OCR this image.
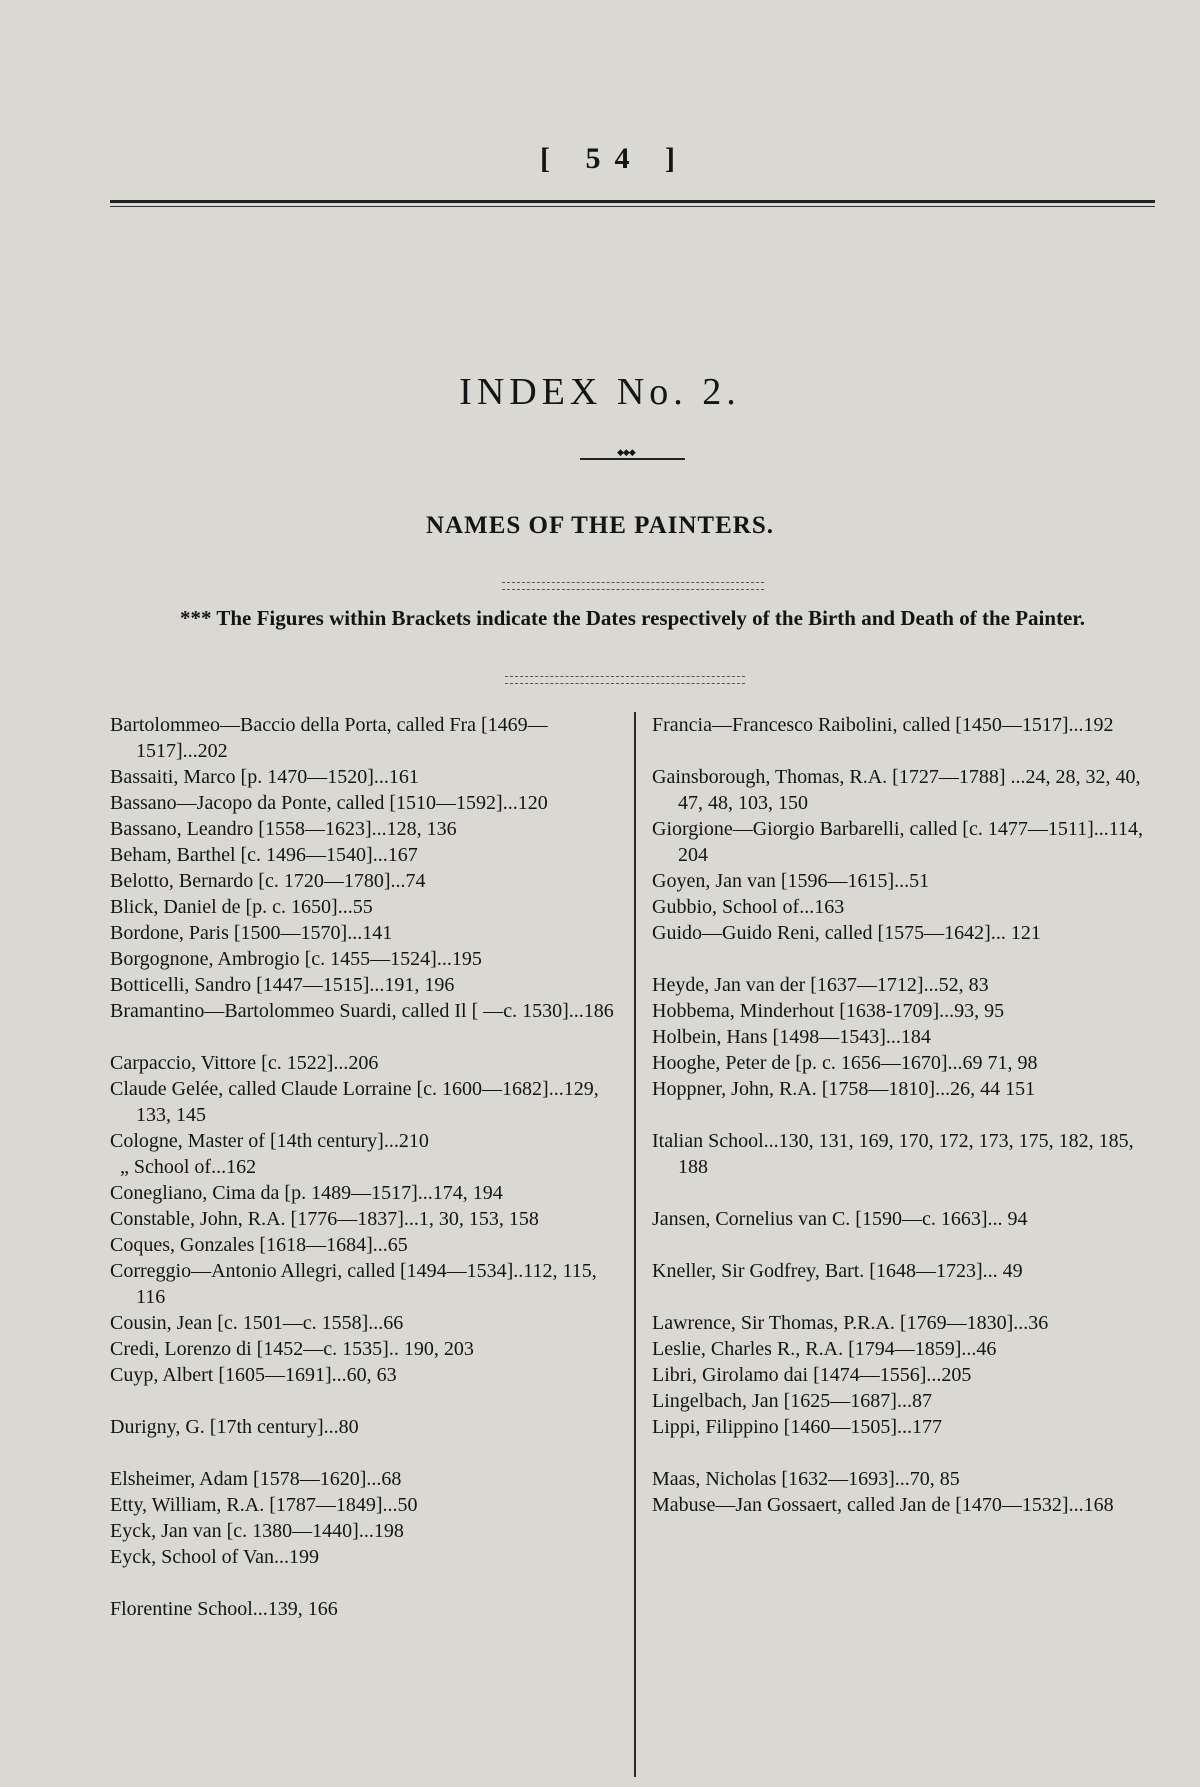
[ 54 ]
INDEX No. 2.
◆◆◆
NAMES OF THE PAINTERS.
*** The Figures within Brackets indicate the Dates respectively of the Birth and Death of the Painter.
Bartolommeo—Baccio della Porta, called Fra [1469—1517]...202
Bassaiti, Marco [p. 1470—1520]...161
Bassano—Jacopo da Ponte, called [1510—1592]...120
Bassano, Leandro [1558—1623]...128, 136
Beham, Barthel [c. 1496—1540]...167
Belotto, Bernardo [c. 1720—1780]...74
Blick, Daniel de [p. c. 1650]...55
Bordone, Paris [1500—1570]...141
Borgognone, Ambrogio [c. 1455—1524]...195
Botticelli, Sandro [1447—1515]...191, 196
Bramantino—Bartolommeo Suardi, called Il [ —c. 1530]...186
Carpaccio, Vittore [c. 1522]...206
Claude Gelée, called Claude Lorraine [c. 1600—1682]...129, 133, 145
Cologne, Master of [14th century]...210
„ School of...162
Conegliano, Cima da [p. 1489—1517]...174, 194
Constable, John, R.A. [1776—1837]...1, 30, 153, 158
Coques, Gonzales [1618—1684]...65
Correggio—Antonio Allegri, called [1494—1534]..112, 115, 116
Cousin, Jean [c. 1501—c. 1558]...66
Credi, Lorenzo di [1452—c. 1535].. 190, 203
Cuyp, Albert [1605—1691]...60, 63
Durigny, G. [17th century]...80
Elsheimer, Adam [1578—1620]...68
Etty, William, R.A. [1787—1849]...50
Eyck, Jan van [c. 1380—1440]...198
Eyck, School of Van...199
Florentine School...139, 166
Francia—Francesco Raibolini, called [1450—1517]...192
Gainsborough, Thomas, R.A. [1727—1788] ...24, 28, 32, 40, 47, 48, 103, 150
Giorgione—Giorgio Barbarelli, called [c. 1477—1511]...114, 204
Goyen, Jan van [1596—1615]...51
Gubbio, School of...163
Guido—Guido Reni, called [1575—1642]... 121
Heyde, Jan van der [1637—1712]...52, 83
Hobbema, Minderhout [1638-1709]...93, 95
Holbein, Hans [1498—1543]...184
Hooghe, Peter de [p. c. 1656—1670]...69 71, 98
Hoppner, John, R.A. [1758—1810]...26, 44 151
Italian School...130, 131, 169, 170, 172, 173, 175, 182, 185, 188
Jansen, Cornelius van C. [1590—c. 1663]... 94
Kneller, Sir Godfrey, Bart. [1648—1723]... 49
Lawrence, Sir Thomas, P.R.A. [1769—1830]...36
Leslie, Charles R., R.A. [1794—1859]...46
Libri, Girolamo dai [1474—1556]...205
Lingelbach, Jan [1625—1687]...87
Lippi, Filippino [1460—1505]...177
Maas, Nicholas [1632—1693]...70, 85
Mabuse—Jan Gossaert, called Jan de [1470—1532]...168
